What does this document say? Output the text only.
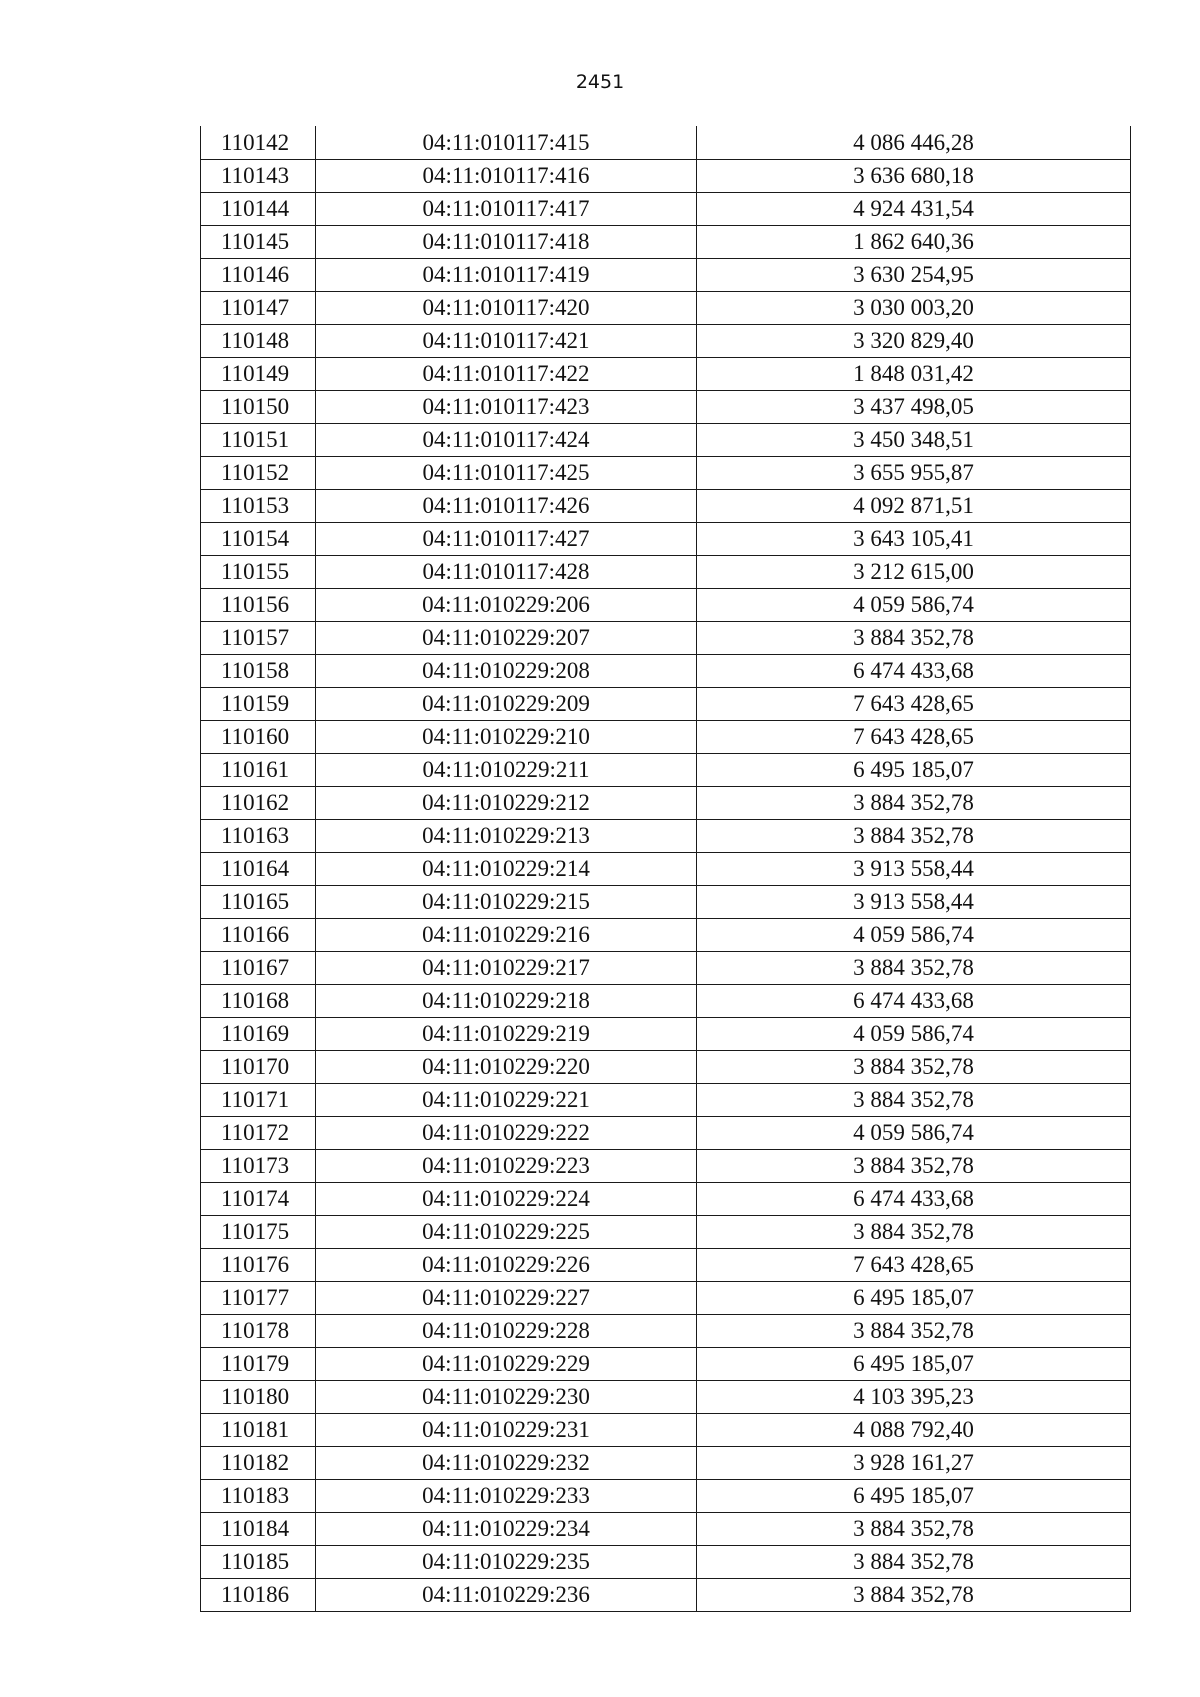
2451
110142	04:11:010117:415	4 086 446,28
110143	04:11:010117:416	3 636 680,18
110144	04:11:010117:417	4 924 431,54
110145	04:11:010117:418	1 862 640,36
110146	04:11:010117:419	3 630 254,95
110147	04:11:010117:420	3 030 003,20
110148	04:11:010117:421	3 320 829,40
110149	04:11:010117:422	1 848 031,42
110150	04:11:010117:423	3 437 498,05
110151	04:11:010117:424	3 450 348,51
110152	04:11:010117:425	3 655 955,87
110153	04:11:010117:426	4 092 871,51
110154	04:11:010117:427	3 643 105,41
110155	04:11:010117:428	3 212 615,00
110156	04:11:010229:206	4 059 586,74
110157	04:11:010229:207	3 884 352,78
110158	04:11:010229:208	6 474 433,68
110159	04:11:010229:209	7 643 428,65
110160	04:11:010229:210	7 643 428,65
110161	04:11:010229:211	6 495 185,07
110162	04:11:010229:212	3 884 352,78
110163	04:11:010229:213	3 884 352,78
110164	04:11:010229:214	3 913 558,44
110165	04:11:010229:215	3 913 558,44
110166	04:11:010229:216	4 059 586,74
110167	04:11:010229:217	3 884 352,78
110168	04:11:010229:218	6 474 433,68
110169	04:11:010229:219	4 059 586,74
110170	04:11:010229:220	3 884 352,78
110171	04:11:010229:221	3 884 352,78
110172	04:11:010229:222	4 059 586,74
110173	04:11:010229:223	3 884 352,78
110174	04:11:010229:224	6 474 433,68
110175	04:11:010229:225	3 884 352,78
110176	04:11:010229:226	7 643 428,65
110177	04:11:010229:227	6 495 185,07
110178	04:11:010229:228	3 884 352,78
110179	04:11:010229:229	6 495 185,07
110180	04:11:010229:230	4 103 395,23
110181	04:11:010229:231	4 088 792,40
110182	04:11:010229:232	3 928 161,27
110183	04:11:010229:233	6 495 185,07
110184	04:11:010229:234	3 884 352,78
110185	04:11:010229:235	3 884 352,78
110186	04:11:010229:236	3 884 352,78
